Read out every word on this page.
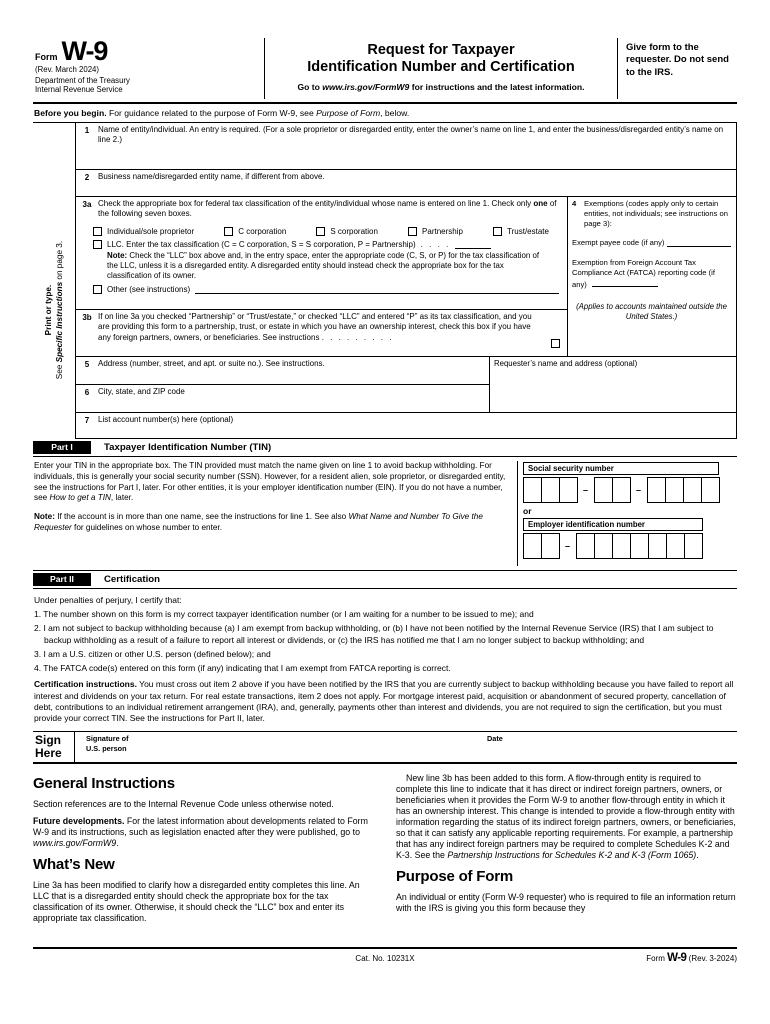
Form W-9
(Rev. March 2024)
Department of the Treasury
Internal Revenue Service
Request for Taxpayer
Identification Number and Certification
Go to www.irs.gov/FormW9 for instructions and the latest information.
Give form to the requester. Do not send to the IRS.
Before you begin. For guidance related to the purpose of Form W-9, see Purpose of Form, below.
Print or type.
See Specific Instructions on page 3.
1	Name of entity/individual. An entry is required. (For a sole proprietor or disregarded entity, enter the owner’s name on line 1, and enter the business/disregarded entity’s name on line 2.)
2	Business name/disregarded entity name, if different from above.
3a Check the appropriate box for federal tax classification of the entity/individual whose name is entered on line 1. Check only one of the following seven boxes.
Individual/sole proprietor	C corporation	S corporation	Partnership	Trust/estate
LLC. Enter the tax classification (C = C corporation, S = S corporation, P = Partnership) . . . .
Note: Check the “LLC” box above and, in the entry space, enter the appropriate code (C, S, or P) for the tax classification of the LLC, unless it is a disregarded entity. A disregarded entity should instead check the appropriate box for the tax classification of its owner.
Other (see instructions)
3b If on line 3a you checked “Partnership” or “Trust/estate,” or checked “LLC” and entered “P” as its tax classification, and you are providing this form to a partnership, trust, or estate in which you have an ownership interest, check this box if you have any foreign partners, owners, or beneficiaries. See instructions . . . . . . . . .
4	Exemptions (codes apply only to certain entities, not individuals; see instructions on page 3):
Exempt payee code (if any)
Exemption from Foreign Account Tax Compliance Act (FATCA) reporting code (if any)
(Applies to accounts maintained outside the United States.)
5	Address (number, street, and apt. or suite no.). See instructions.
6	City, state, and ZIP code
Requester’s name and address (optional)
7	List account number(s) here (optional)
Part I	Taxpayer Identification Number (TIN)
Enter your TIN in the appropriate box. The TIN provided must match the name given on line 1 to avoid backup withholding. For individuals, this is generally your social security number (SSN). However, for a resident alien, sole proprietor, or disregarded entity, see the instructions for Part I, later. For other entities, it is your employer identification number (EIN). If you do not have a number, see How to get a TIN, later.
Note: If the account is in more than one name, see the instructions for line 1. See also What Name and Number To Give the Requester for guidelines on whose number to enter.
Social security number
–	–
or
Employer identification number
–
Part II	Certification

Under penalties of perjury, I certify that:

1. The number shown on this form is my correct taxpayer identification number (or I am waiting for a number to be issued to me); and

2. I am not subject to backup withholding because (a) I am exempt from backup withholding, or (b) I have not been notified by the Internal Revenue Service (IRS) that I am subject to backup withholding as a result of a failure to report all interest or dividends, or (c) the IRS has notified me that I am no longer subject to backup withholding; and

3. I am a U.S. citizen or other U.S. person (defined below); and

4. The FATCA code(s) entered on this form (if any) indicating that I am exempt from FATCA reporting is correct.

Certification instructions. You must cross out item 2 above if you have been notified by the IRS that you are currently subject to backup withholding because you have failed to report all interest and dividends on your tax return. For real estate transactions, item 2 does not apply. For mortgage interest paid, acquisition or abandonment of secured property, cancellation of debt, contributions to an individual retirement arrangement (IRA), and, generally, payments other than interest and dividends, you are not required to sign the certification, but you must provide your correct TIN. See the instructions for Part II, later.

Sign
Here
Signature of
U.S. person
Date
General Instructions

Section references are to the Internal Revenue Code unless otherwise noted.

Future developments. For the latest information about developments related to Form W-9 and its instructions, such as legislation enacted after they were published, go to www.irs.gov/FormW9.

What’s New

Line 3a has been modified to clarify how a disregarded entity completes this line. An LLC that is a disregarded entity should check the appropriate box for the tax classification of its owner. Otherwise, it should check the “LLC” box and enter its appropriate tax classification.

New line 3b has been added to this form. A flow-through entity is required to complete this line to indicate that it has direct or indirect foreign partners, owners, or beneficiaries when it provides the Form W-9 to another flow-through entity in which it has an ownership interest. This change is intended to provide a flow-through entity with information regarding the status of its indirect foreign partners, owners, or beneficiaries, so that it can satisfy any applicable reporting requirements. For example, a partnership that has any indirect foreign partners may be required to complete Schedules K-2 and K-3. See the Partnership Instructions for Schedules K-2 and K-3 (Form 1065).

Purpose of Form

An individual or entity (Form W-9 requester) who is required to file an information return with the IRS is giving you this form because they

Cat. No. 10231X	Form W-9 (Rev. 3-2024)
